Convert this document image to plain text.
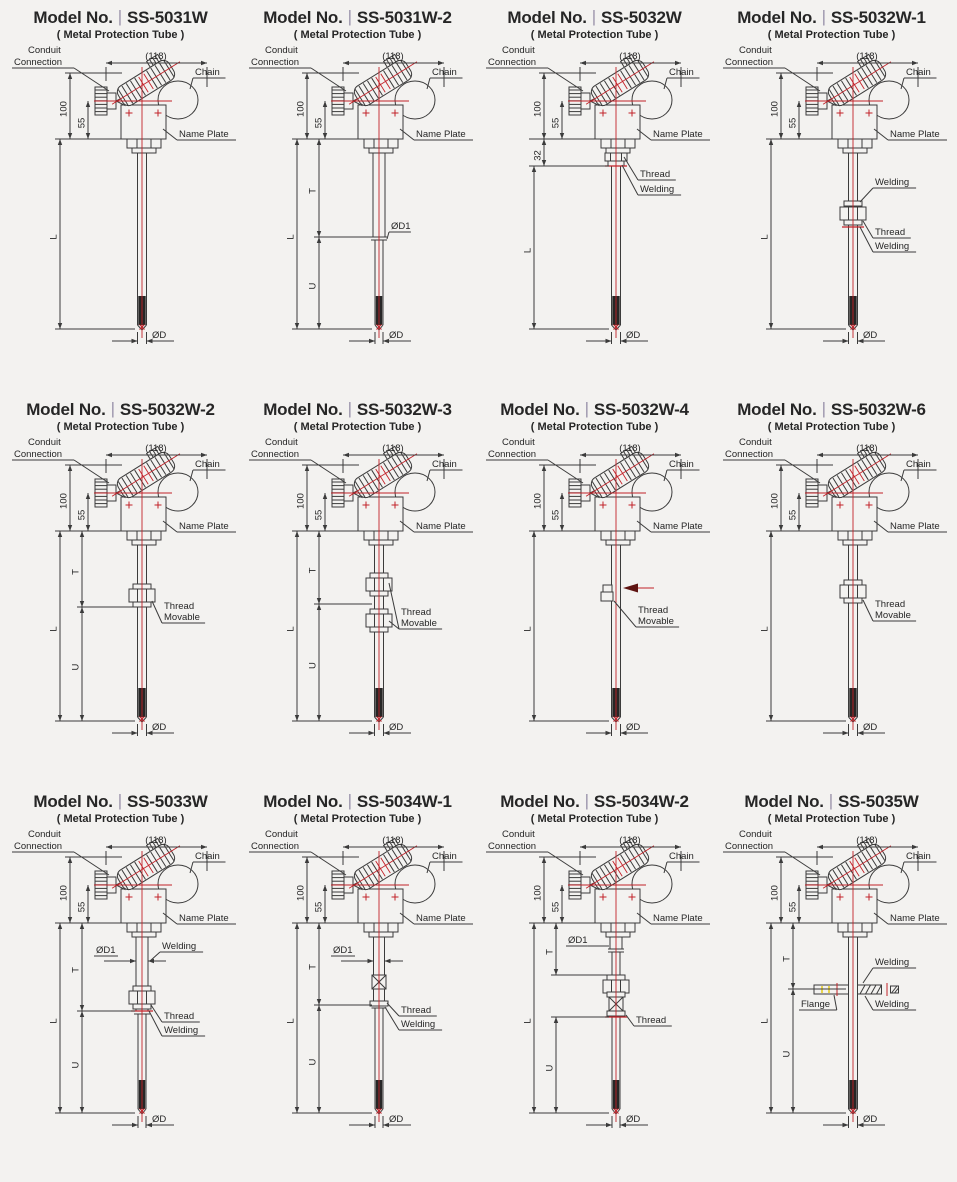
Model No. | SS-5031W
( Metal Protection Tube )
(118)
100
55
L
ØD
Conduit
Connection
Chain
Name Plate
Model No. | SS-5031W-2
( Metal Protection Tube )
(118)
100
55
T
L
U
ØD
Conduit
Connection
Chain
Name Plate
ØD1
Model No. | SS-5032W
( Metal Protection Tube )
(118)
100
55
32
L
ØD
Conduit
Connection
Chain
Name Plate
Thread
Welding
Model No. | SS-5032W-1
( Metal Protection Tube )
(118)
100
55
L
ØD
Conduit
Connection
Chain
Name Plate
Welding
Thread
Welding
Model No. | SS-5032W-2
( Metal Protection Tube )
(118)
100
55
T
L
U
ØD
Conduit
Connection
Chain
Name Plate
Thread
Movable
Model No. | SS-5032W-3
( Metal Protection Tube )
(118)
100
55
T
L
U
ØD
Conduit
Connection
Chain
Name Plate
Thread
Movable
Model No. | SS-5032W-4
( Metal Protection Tube )
(118)
100
55
L
ØD
Conduit
Connection
Chain
Name Plate
Thread
Movable
Model No. | SS-5032W-6
( Metal Protection Tube )
(118)
100
55
L
ØD
Conduit
Connection
Chain
Name Plate
Thread
Movable
Model No. | SS-5033W
( Metal Protection Tube )
ØD1
(118)
100
55
T
L
U
ØD
Conduit
Connection
Chain
Name Plate
Welding
Thread
Welding
Model No. | SS-5034W-1
( Metal Protection Tube )
ØD1
(118)
100
55
T
L
U
ØD
Conduit
Connection
Chain
Name Plate
Thread
Welding
Model No. | SS-5034W-2
( Metal Protection Tube )
(118)
100
55
T
L
U
ØD
Conduit
Connection
Chain
Name Plate
ØD1
Thread
Model No. | SS-5035W
( Metal Protection Tube )
(118)
100
55
T
L
U
ØD
Conduit
Connection
Chain
Name Plate
Welding
Flange	Welding
